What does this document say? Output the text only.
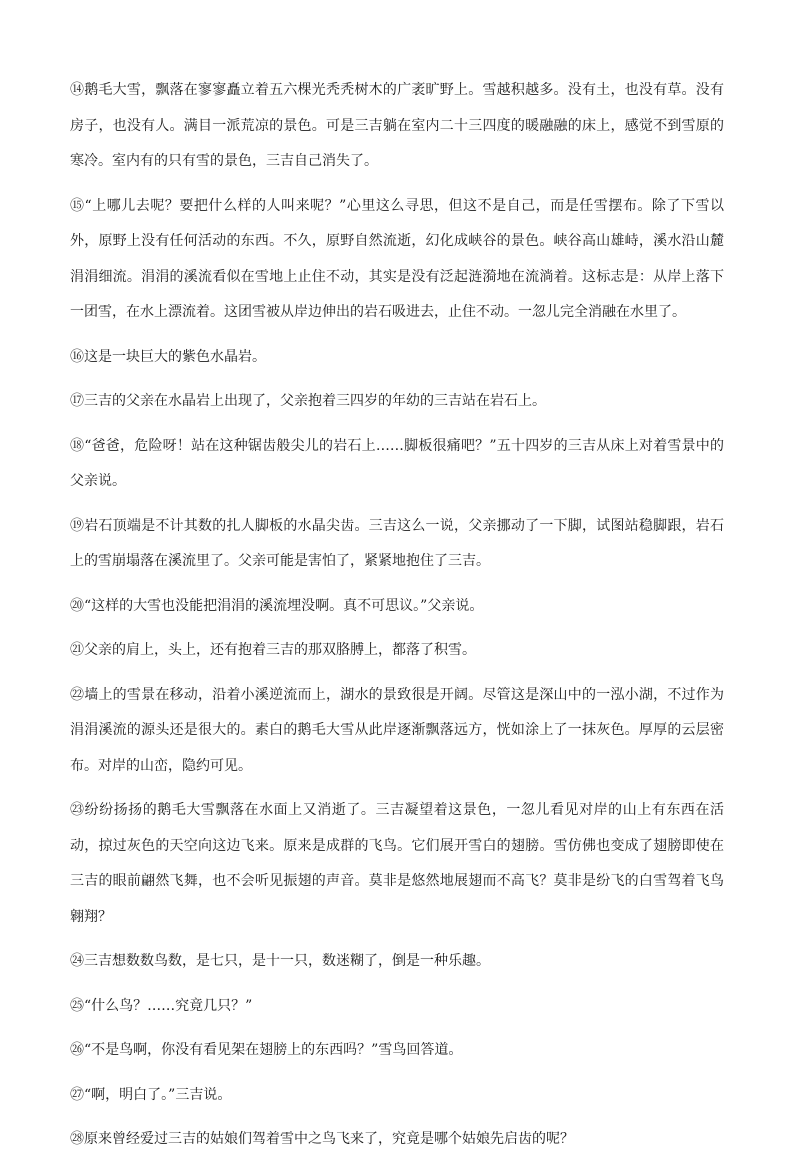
⑭鹅毛大雪，飘落在寥寥矗立着五六棵光秃秃树木的广袤旷野上。雪越积越多。没有土，也没有草。没有房子，也没有人。满目一派荒凉的景色。可是三吉躺在室内二十三四度的暖融融的床上，感觉不到雪原的寒冷。室内有的只有雪的景色，三吉自己消失了。

⑮“上哪儿去呢？要把什么样的人叫来呢？”心里这么寻思，但这不是自己，而是任雪摆布。除了下雪以外，原野上没有任何活动的东西。不久，原野自然流逝，幻化成峡谷的景色。峡谷高山雄峙，溪水沿山麓涓涓细流。涓涓的溪流看似在雪地上止住不动，其实是没有泛起涟漪地在流淌着。这标志是：从岸上落下一团雪，在水上漂流着。这团雪被从岸边伸出的岩石吸进去，止住不动。一忽儿完全消融在水里了。

⑯这是一块巨大的紫色水晶岩。

⑰三吉的父亲在水晶岩上出现了，父亲抱着三四岁的年幼的三吉站在岩石上。

⑱“爸爸，危险呀！站在这种锯齿般尖儿的岩石上……脚板很痛吧？”五十四岁的三吉从床上对着雪景中的父亲说。

⑲岩石顶端是不计其数的扎人脚板的水晶尖齿。三吉这么一说，父亲挪动了一下脚，试图站稳脚跟，岩石上的雪崩塌落在溪流里了。父亲可能是害怕了，紧紧地抱住了三吉。

⑳“这样的大雪也没能把涓涓的溪流埋没啊。真不可思议。”父亲说。

㉑父亲的肩上，头上，还有抱着三吉的那双胳膊上，都落了积雪。

㉒墙上的雪景在移动，沿着小溪逆流而上，湖水的景致很是开阔。尽管这是深山中的一泓小湖，不过作为涓涓溪流的源头还是很大的。素白的鹅毛大雪从此岸逐渐飘落远方，恍如涂上了一抹灰色。厚厚的云层密布。对岸的山峦，隐约可见。

㉓纷纷扬扬的鹅毛大雪飘落在水面上又消逝了。三吉凝望着这景色，一忽儿看见对岸的山上有东西在活动，掠过灰色的天空向这边飞来。原来是成群的飞鸟。它们展开雪白的翅膀。雪仿佛也变成了翅膀即使在三吉的眼前翩然飞舞，也不会听见振翅的声音。莫非是悠然地展翅而不高飞？莫非是纷飞的白雪驾着飞鸟翱翔？

㉔三吉想数数鸟数，是七只，是十一只，数迷糊了，倒是一种乐趣。

㉕“什么鸟？……究竟几只？”

㉖“不是鸟啊，你没有看见架在翅膀上的东西吗？”雪鸟回答道。

㉗“啊，明白了。”三吉说。

㉘原来曾经爱过三吉的姑娘们驾着雪中之鸟飞来了，究竟是哪个姑娘先启齿的呢？
